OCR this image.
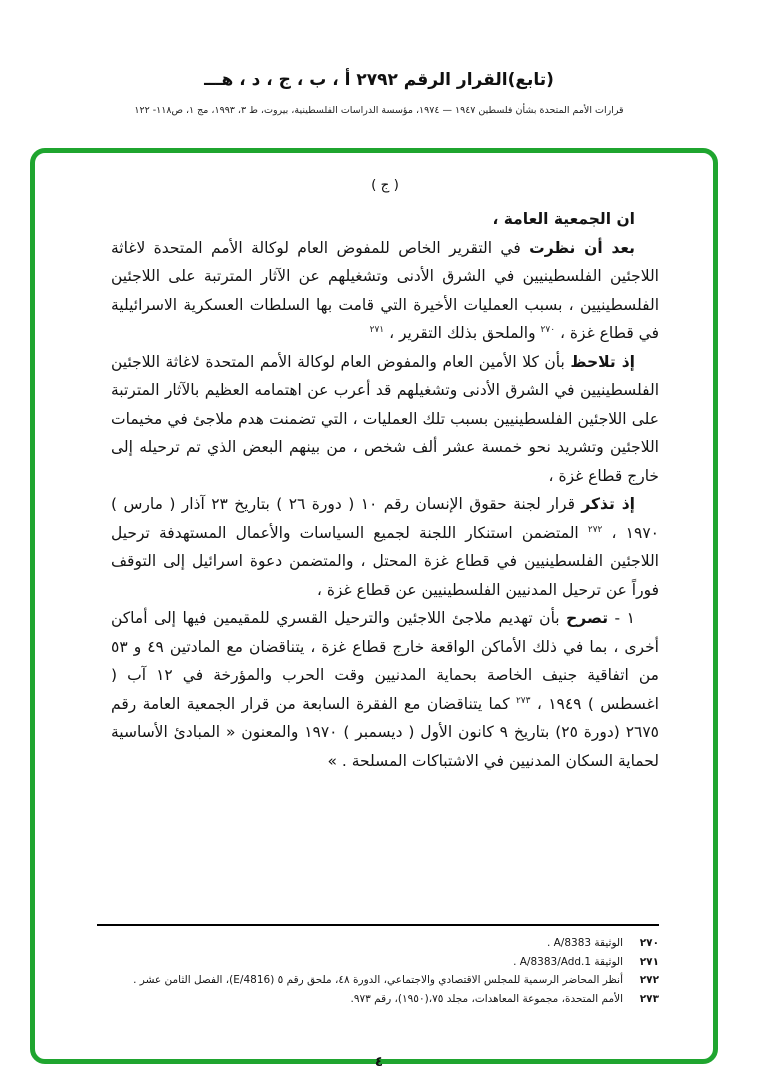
(تابع)القرار الرقم ٢٧٩٢ أ ، ب ، ج ، د ، هـــ
قرارات الأمم المتحدة بشأن فلسطين ١٩٤٧ — ١٩٧٤، مؤسسة الدراسات الفلسطينية، بيروت، ط ٣، ١٩٩٣، مج ١، ص١١٨- ١٢٢

( ج )

ان الجمعية العامة ،

بعد أن نظرت في التقرير الخاص للمفوض العام لوكالة الأمم المتحدة لاغاثة اللاجئين الفلسطينيين في الشرق الأدنى وتشغيلهم عن الآثار المترتبة على اللاجئين الفلسطينيين ، بسبب العمليات الأخيرة التي قامت بها السلطات العسكرية الاسرائيلية في قطاع غزة ، $^{٢٧٠}$ والملحق بذلك التقرير ، $^{٢٧١}$

إذ تلاحظ بأن كلا الأمين العام والمفوض العام لوكالة الأمم المتحدة لاغاثة اللاجئين الفلسطينيين في الشرق الأدنى وتشغيلهم قد أعرب عن اهتمامه العظيم بالآثار المترتبة على اللاجئين الفلسطينيين بسبب تلك العمليات ، التي تضمنت هدم ملاجئ في مخيمات اللاجئين وتشريد نحو خمسة عشر ألف شخص ، من بينهم البعض الذي تم ترحيله إلى خارج قطاع غزة ،

إذ تذكر قرار لجنة حقوق الإنسان رقم ١٠ ( دورة ٢٦ ) بتاريخ ٢٣ آذار ( مارس ) ١٩٧٠ ، $^{٢٧٢}$ المتضمن استنكار اللجنة لجميع السياسات والأعمال المستهدفة ترحيل اللاجئين الفلسطينيين في قطاع غزة المحتل ، والمتضمن دعوة اسرائيل إلى التوقف فوراً عن ترحيل المدنيين الفلسطينيين عن قطاع غزة ،

١ - تصرح بأن تهديم ملاجئ اللاجئين والترحيل القسري للمقيمين فيها إلى أماكن أخرى ، بما في ذلك الأماكن الواقعة خارج قطاع غزة ، يتناقضان مع المادتين ٤٩ و ٥٣ من اتفاقية جنيف الخاصة بحماية المدنيين وقت الحرب والمؤرخة في ١٢ آب ( اغسطس ) ١٩٤٩ ، $^{٢٧٣}$ كما يتناقضان مع الفقرة السابعة من قرار الجمعية العامة رقم ٢٦٧٥ (دورة ٢٥) بتاريخ ٩ كانون الأول ( ديسمبر ) ١٩٧٠ والمعنون « المبادئ الأساسية لحماية السكان المدنيين في الاشتباكات المسلحة . »

٢٧٠
الوثيقة A/8383 .
٢٧١
الوثيقة A/8383/Add.1 .
٢٧٢
أنظر المحاضر الرسمية للمجلس الاقتصادي والاجتماعي، الدورة ٤٨، ملحق رقم ٥ (E/4816)، الفصل الثامن عشر .
٢٧٣
الأمم المتحدة، مجموعة المعاهدات، مجلد ٧٥،(١٩٥٠)، رقم ٩٧٣.
٤
